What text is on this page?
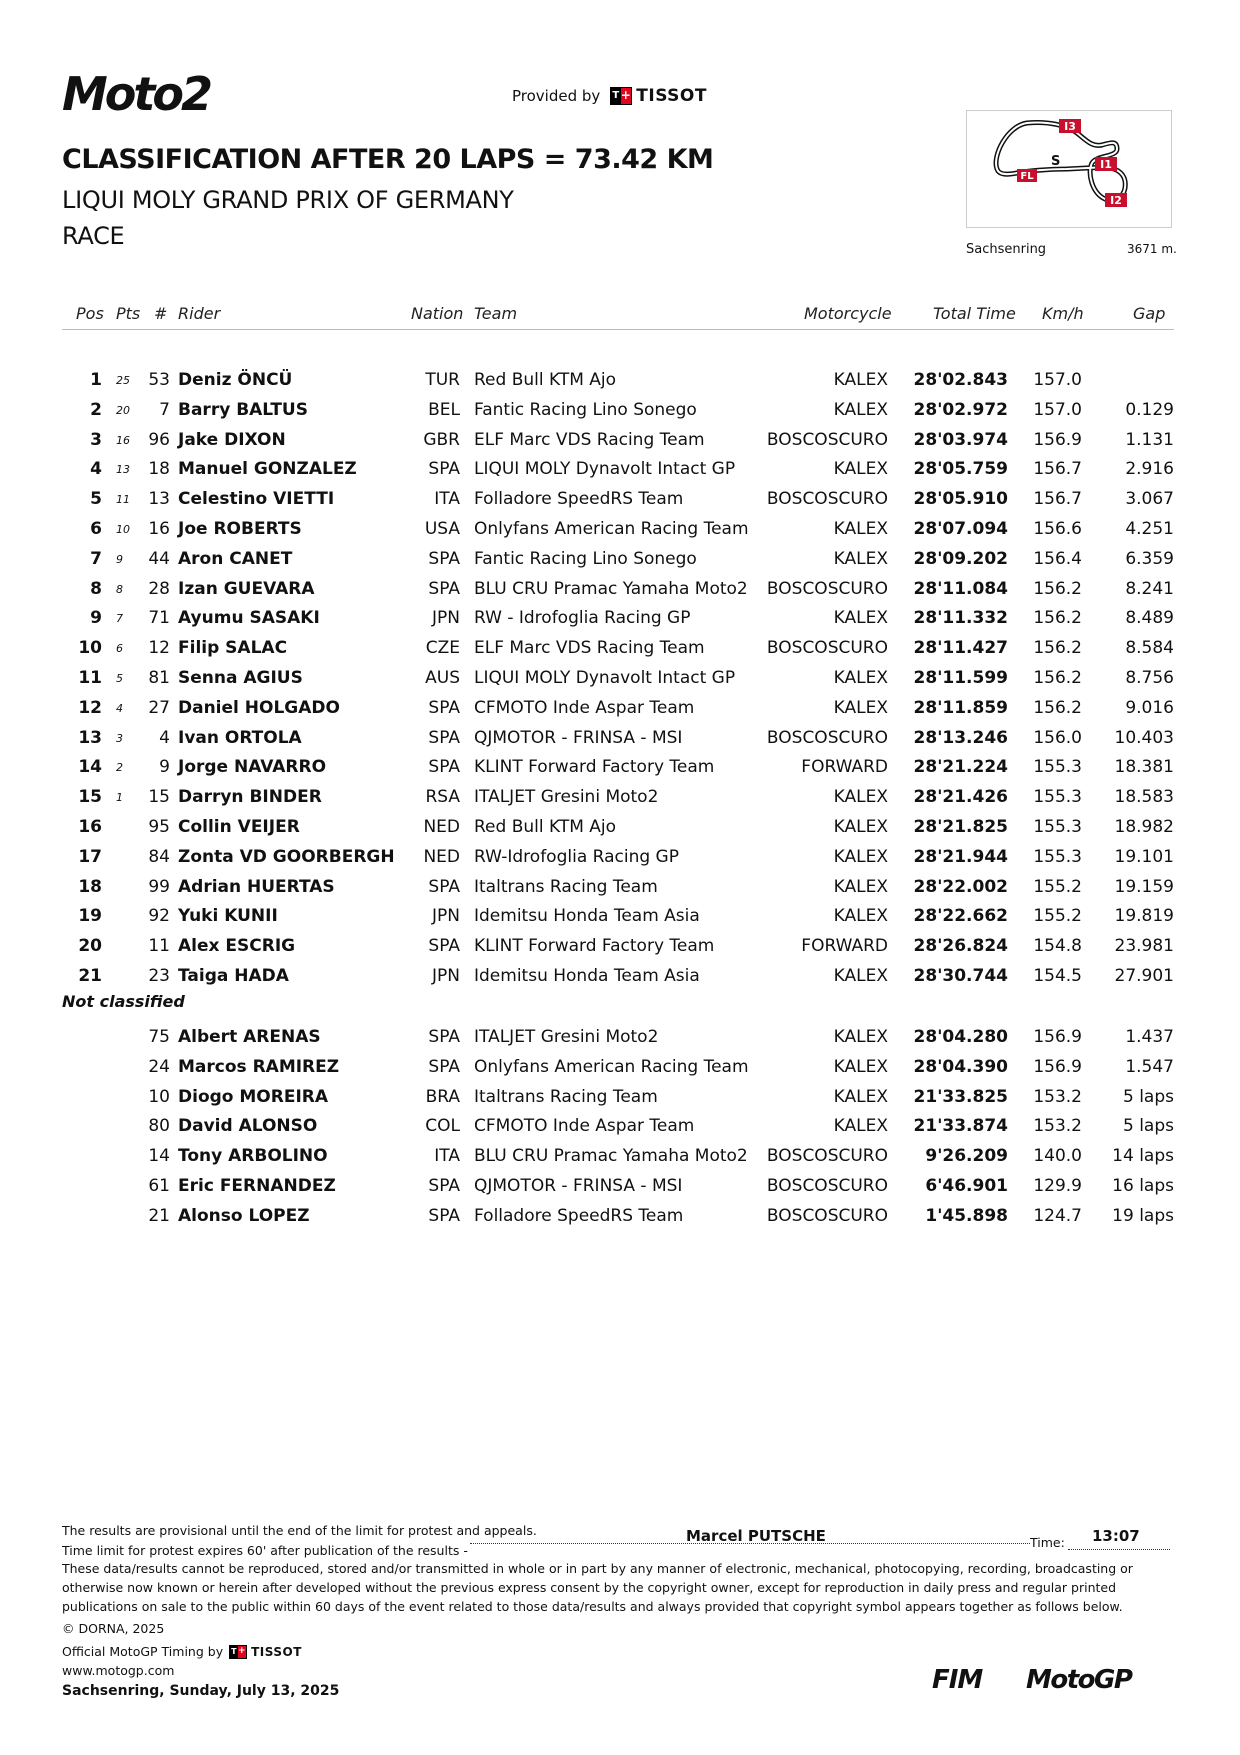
Moto2	Provided by T + TISSOT
CLASSIFICATION AFTER 20 LAPS = 73.42 KM
LIQUI MOLY GRAND PRIX OF GERMANY
RACE
I3
I1
I2
FL
S
Sachsenring	3671 m.
Pos Pts # Rider	Nation Team	Motorcycle	Total Time Km/h	Gap
1 25	53 Deniz ÖNCÜ	TUR Red Bull KTM Ajo	KALEX	28'02.843	157.0
2 20	7 Barry BALTUS	BEL Fantic Racing Lino Sonego	KALEX	28'02.972	157.0	0.129
3 16	96 Jake DIXON	GBR ELF Marc VDS Racing Team	BOSCOSCURO	28'03.974	156.9	1.131
4 13	18 Manuel GONZALEZ	SPA LIQUI MOLY Dynavolt Intact GP	KALEX	28'05.759	156.7	2.916
5 11	13 Celestino VIETTI	ITA Folladore SpeedRS Team	BOSCOSCURO	28'05.910	156.7	3.067
6 10	16 Joe ROBERTS	USA Onlyfans American Racing Team	KALEX	28'07.094	156.6	4.251
7 9	44 Aron CANET	SPA Fantic Racing Lino Sonego	KALEX	28'09.202	156.4	6.359
8 8	28 Izan GUEVARA	SPA BLU CRU Pramac Yamaha Moto2	BOSCOSCURO	28'11.084	156.2	8.241
9 7	71 Ayumu SASAKI	JPN RW - Idrofoglia Racing GP	KALEX	28'11.332	156.2	8.489
10 6	12 Filip SALAC	CZE ELF Marc VDS Racing Team	BOSCOSCURO	28'11.427	156.2	8.584
11 5	81 Senna AGIUS	AUS LIQUI MOLY Dynavolt Intact GP	KALEX	28'11.599	156.2	8.756
12 4	27 Daniel HOLGADO	SPA CFMOTO Inde Aspar Team	KALEX	28'11.859	156.2	9.016
13 3	4 Ivan ORTOLA	SPA QJMOTOR - FRINSA - MSI	BOSCOSCURO	28'13.246	156.0	10.403
14 2	9 Jorge NAVARRO	SPA KLINT Forward Factory Team	FORWARD	28'21.224	155.3	18.381
15 1	15 Darryn BINDER	RSA ITALJET Gresini Moto2	KALEX	28'21.426	155.3	18.583
16	95 Collin VEIJER	NED Red Bull KTM Ajo	KALEX	28'21.825	155.3	18.982
17	84 Zonta VD GOORBERGH	NED RW-Idrofoglia Racing GP	KALEX	28'21.944	155.3	19.101
18	99 Adrian HUERTAS	SPA Italtrans Racing Team	KALEX	28'22.002	155.2	19.159
19	92 Yuki KUNII	JPN Idemitsu Honda Team Asia	KALEX	28'22.662	155.2	19.819
20	11 Alex ESCRIG	SPA KLINT Forward Factory Team	FORWARD	28'26.824	154.8	23.981
21	23 Taiga HADA	JPN Idemitsu Honda Team Asia	KALEX	28'30.744	154.5	27.901
75 Albert ARENAS	SPA ITALJET Gresini Moto2	KALEX	28'04.280	156.9	1.437
24 Marcos RAMIREZ	SPA Onlyfans American Racing Team	KALEX	28'04.390	156.9	1.547
10 Diogo MOREIRA	BRA Italtrans Racing Team	KALEX	21'33.825	153.2	5 laps
80 David ALONSO	COL CFMOTO Inde Aspar Team	KALEX	21'33.874	153.2	5 laps
14 Tony ARBOLINO	ITA BLU CRU Pramac Yamaha Moto2	BOSCOSCURO	9'26.209	140.0	14 laps
61 Eric FERNANDEZ	SPA QJMOTOR - FRINSA - MSI	BOSCOSCURO	6'46.901	129.9	16 laps
21 Alonso LOPEZ	SPA Folladore SpeedRS Team	BOSCOSCURO	1'45.898	124.7	19 laps
Not classified
The results are provisional until the end of the limit for protest and appeals.
Time limit for protest expires 60' after publication of the results -
Marcel PUTSCHE	Time: 13:07
These data/results cannot be reproduced, stored and/or transmitted in whole or in part by any manner of electronic, mechanical, photocopying, recording, broadcasting or otherwise now known or herein after developed without the previous express consent by the copyright owner, except for reproduction in daily press and regular printed publications on sale to the public within 60 days of the event related to those data/results and always provided that copyright symbol appears together as follows below.
© DORNA, 2025
Official MotoGP Timing by T + TISSOT
www.motogp.com
Sachsenring, Sunday, July 13, 2025	FIM MotoGP
